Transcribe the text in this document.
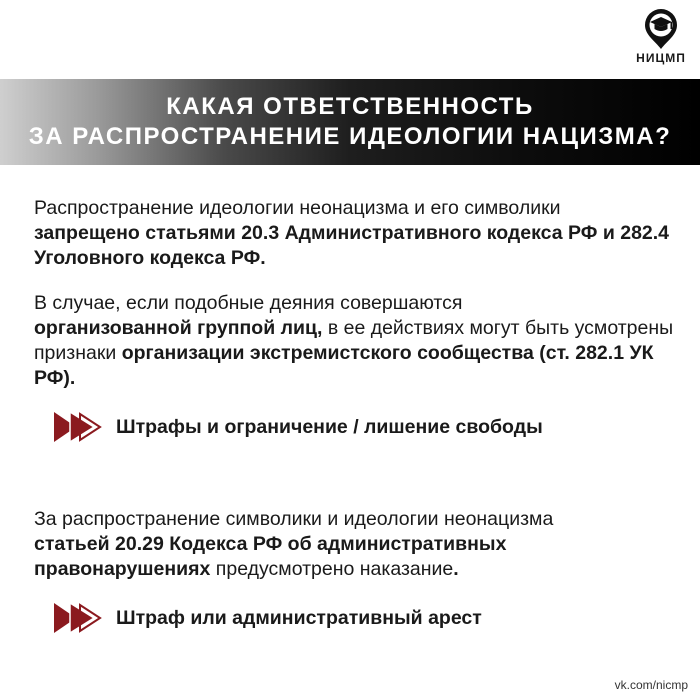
НИЦМП
КАКАЯ ОТВЕТСТВЕННОСТЬ
ЗА РАСПРОСТРАНЕНИЕ ИДЕОЛОГИИ НАЦИЗМА?
Распространение идеологии неонацизма и его символики
запрещено статьями 20.3 Административного кодекса РФ и 282.4 Уголовного кодекса РФ.
В случае, если подобные деяния совершаются
организованной группой лиц, в ее действиях могут быть усмотрены признаки организации экстремистского сообщества (ст. 282.1 УК РФ).
Штрафы и ограничение / лишение свободы
За распространение символики и идеологии неонацизма
статьей 20.29 Кодекса РФ об административных правонарушениях предусмотрено наказание.
Штраф или административный арест
vk.com/nicmp
